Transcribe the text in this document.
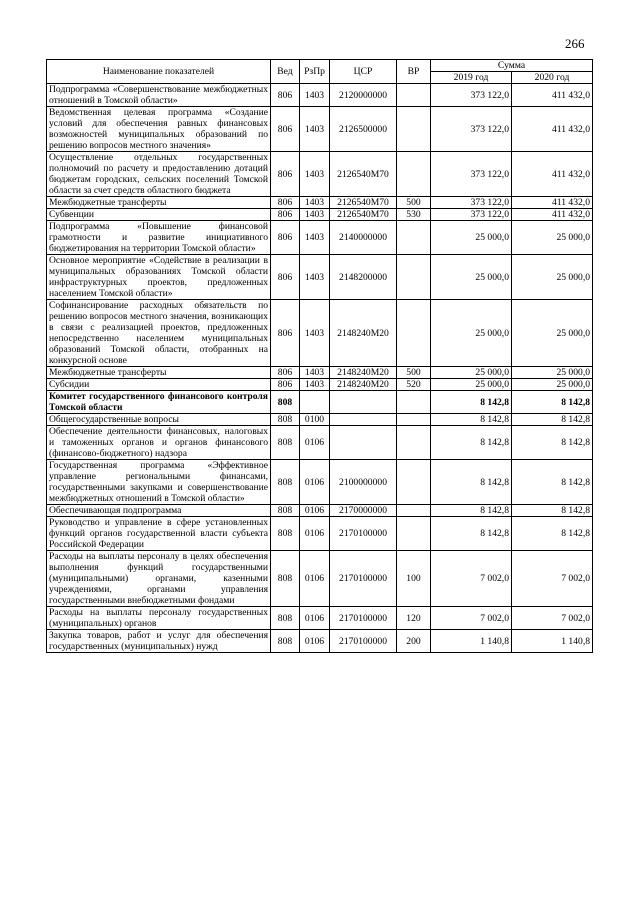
266
Наименование показателей	Вед	РзПр	ЦСР	ВР	Сумма	
					2019 год	2020 год
Подпрограмма «Совершенствование межбюджетных отношений в Томской области»	806	1403	2120000000		373 122,0	411 432,0
Ведомственная целевая программа «Создание условий для обеспечения равных финансовых возможностей муниципальных образований по решению вопросов местного значения»	806	1403	2126500000		373 122,0	411 432,0
Осуществление отдельных государственных полномочий по расчету и предоставлению дотаций бюджетам городских, сельских поселений Томской области за счет средств областного бюджета	806	1403	2126540M70		373 122,0	411 432,0
Межбюджетные трансферты	806	1403	2126540M70	500	373 122,0	411 432,0
Субвенции	806	1403	2126540M70	530	373 122,0	411 432,0
Подпрограмма «Повышение финансовой грамотности и развитие инициативного бюджетирования на территории Томской области»	806	1403	2140000000		25 000,0	25 000,0
Основное мероприятие «Содействие в реализации в муниципальных образованиях Томской области инфраструктурных проектов, предложенных населением Томской области»	806	1403	2148200000		25 000,0	25 000,0
Софинансирование расходных обязательств по решению вопросов местного значения, возникающих в связи с реализацией проектов, предложенных непосредственно населением муниципальных образований Томской области, отобранных на конкурсной основе	806	1403	2148240M20		25 000,0	25 000,0
Межбюджетные трансферты	806	1403	2148240M20	500	25 000,0	25 000,0
Субсидии	806	1403	2148240M20	520	25 000,0	25 000,0
Комитет государственного финансового контроля Томской области	808				8 142,8	8 142,8
Общегосударственные вопросы	808	0100			8 142,8	8 142,8
Обеспечение деятельности финансовых, налоговых и таможенных органов и органов финансового (финансово-бюджетного) надзора	808	0106			8 142,8	8 142,8
Государственная программа «Эффективное управление региональными финансами, государственными закупками и совершенствование межбюджетных отношений в Томской области»	808	0106	2100000000		8 142,8	8 142,8
Обеспечивающая подпрограмма	808	0106	2170000000		8 142,8	8 142,8
Руководство и управление в сфере установленных функций органов государственной власти субъекта Российской Федерации	808	0106	2170100000		8 142,8	8 142,8
Расходы на выплаты персоналу в целях обеспечения выполнения функций государственными (муниципальными) органами, казенными учреждениями, органами управления государственными внебюджетными фондами	808	0106	2170100000	100	7 002,0	7 002,0
Расходы на выплаты персоналу государственных (муниципальных) органов	808	0106	2170100000	120	7 002,0	7 002,0
Закупка товаров, работ и услуг для обеспечения государственных (муниципальных) нужд	808	0106	2170100000	200	1 140,8	1 140,8
